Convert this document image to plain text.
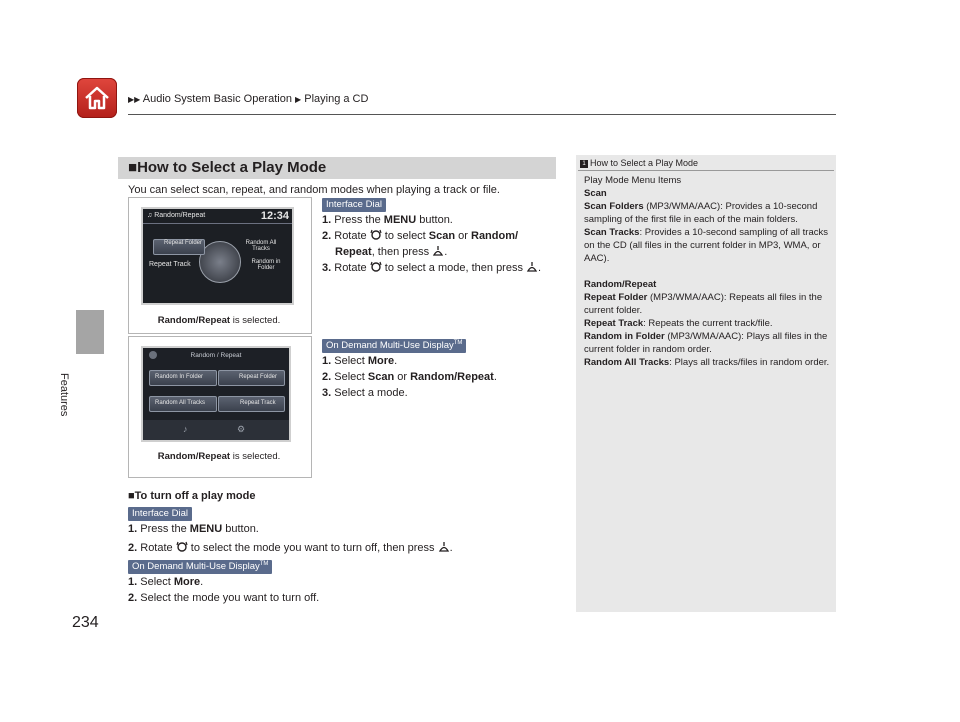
▶▶ Audio System Basic Operation ▶ Playing a CD
Features
234
■How to Select a Play Mode
You can select scan, repeat, and random modes when playing a track or file.
♫ Random/Repeat	12:34
Repeat Folder	Random All Tracks
Repeat Track	Random in Folder
Random/Repeat is selected.
Interface Dial
1. Press the MENU button.
2. Rotate  to select Scan or Random/
Repeat, then press .
3. Rotate  to select a mode, then press .
Random / Repeat
Random In Folder	Repeat Folder
Random All Tracks	Repeat Track
♪	⚙
Random/Repeat is selected.
On Demand Multi-Use Display™
1. Select More.
2. Select Scan or Random/Repeat.
3. Select a mode.
■To turn off a play mode
Interface Dial
1. Press the MENU button.
2. Rotate  to select the mode you want to turn off, then press .
On Demand Multi-Use Display™
1. Select More.
2. Select the mode you want to turn off.
1 How to Select a Play Mode

Play Mode Menu Items

Scan

Scan Folders (MP3/WMA/AAC): Provides a 10-second sampling of the first file in each of the main folders.

Scan Tracks: Provides a 10-second sampling of all tracks on the CD (all files in the current folder in MP3, WMA, or AAC).

Random/Repeat

Repeat Folder (MP3/WMA/AAC): Repeats all files in the current folder.

Repeat Track: Repeats the current track/file.

Random in Folder (MP3/WMA/AAC): Plays all files in the current folder in random order.

Random All Tracks: Plays all tracks/files in random order.
